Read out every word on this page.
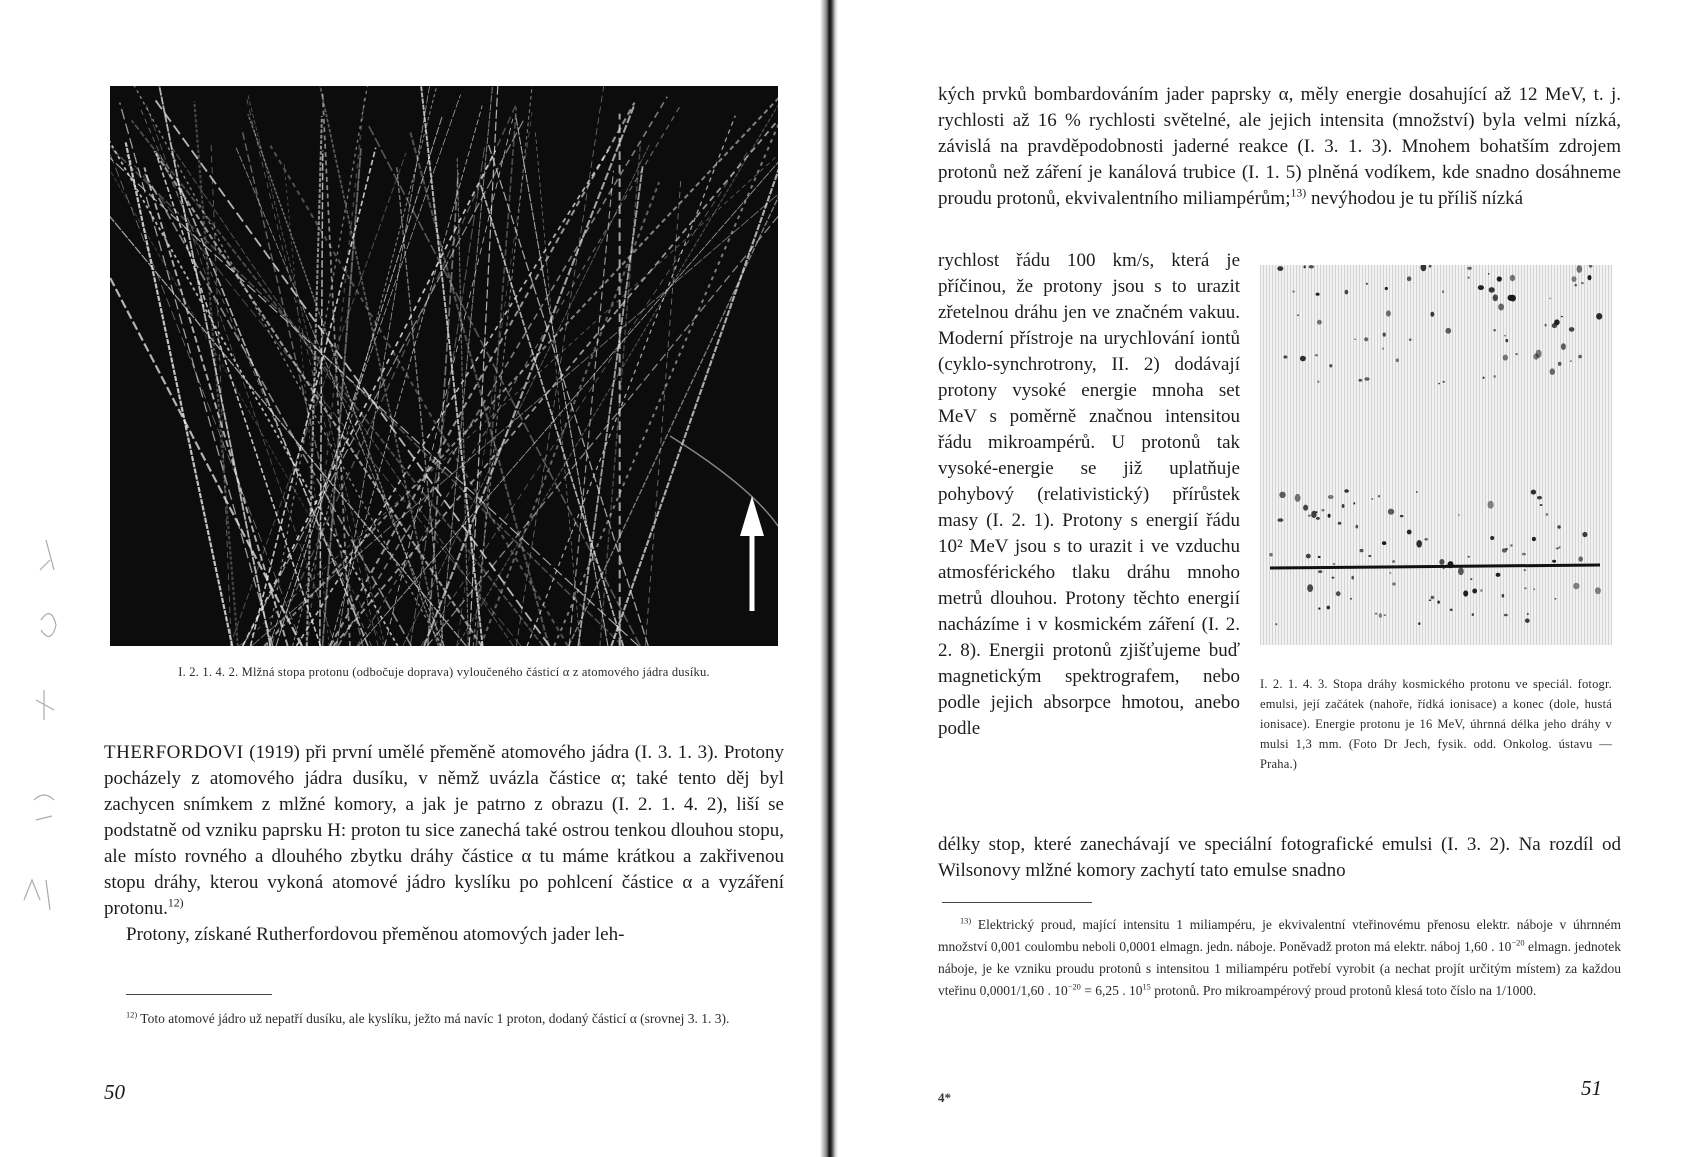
I. 2. 1. 4. 2. Mlžná stopa protonu (odbočuje doprava) vyloučeného částicí α z atomového jádra dusíku.

THERFORDOVI (1919) při první umělé přeměně atomového jádra (I. 3. 1. 3). Protony pocházely z atomového jádra dusíku, v němž uvázla částice α; také tento děj byl zachycen snímkem z mlžné komory, a jak je patrno z obrazu (I. 2. 1. 4. 2), liší se podstatně od vzniku paprsku H: proton tu sice zanechá také ostrou tenkou dlouhou stopu, ale místo rovného a dlouhého zbytku dráhy částice α tu máme krátkou a zakřivenou stopu dráhy, kterou vykoná atomové jádro kyslíku po pohlcení částice α a vyzáření protonu.$^{12)}$

Protony, získané Rutherfordovou přeměnou atomových jader leh-

$^{12)}$ Toto atomové jádro už nepatří dusíku, ale kyslíku, ježto má navíc 1 proton, dodaný částicí α (srovnej 3. 1. 3).
50

kých prvků bombardováním jader paprsky α, měly energie dosahující až 12 MeV, t. j. rychlosti až 16 % rychlosti světelné, ale jejich intensita (množství) byla velmi nízká, závislá na pravděpodobnosti jaderné reakce (I. 3. 1. 3). Mnohem bohatším zdrojem protonů než záření je kanálová trubice (I. 1. 5) plněná vodíkem, kde snadno dosáhneme proudu protonů, ekvivalentního miliampérům;$^{13)}$ nevýhodou je tu příliš nízká

rychlost řádu 100 km/s, která je příčinou, že protony jsou s to urazit zřetelnou dráhu jen ve značném vakuu. Moderní přístroje na urychlování iontů (cyklo-synchrotrony, II. 2) dodávají protony vysoké energie mnoha set MeV s poměrně značnou intensitou řádu mikroampérů. U protonů tak vysoké-energie se již uplatňuje pohybový (relativistický) přírůstek masy (I. 2. 1). Protony s energií řádu 10² MeV jsou s to urazit i ve vzduchu atmosférického tlaku dráhu mnoho metrů dlouhou. Protony těchto energií nacházíme i v kosmickém záření (I. 2. 2. 8). Energii protonů zjišťujeme buď magnetickým spektrografem, nebo podle jejich absorpce hmotou, anebo podle

I. 2. 1. 4. 3. Stopa dráhy kosmického protonu ve speciál. fotogr. emulsi, její začátek (nahoře, řídká ionisace) a konec (dole, hustá ionisace). Energie protonu je 16 MeV, úhrnná délka jeho dráhy v mulsi 1,3 mm. (Foto Dr Jech, fysik. odd. Onkolog. ústavu — Praha.)

délky stop, které zanechávají ve speciální fotografické emulsi (I. 3. 2). Na rozdíl od Wilsonovy mlžné komory zachytí tato emulse snadno

$^{13)}$ Elektrický proud, mající intensitu 1 miliampéru, je ekvivalentní vteřinovému přenosu elektr. náboje v úhrnném množství 0,001 coulombu neboli 0,0001 elmagn. jedn. náboje. Poněvadž proton má elektr. náboj 1,60 . $10^{-20}$ elmagn. jednotek náboje, je ke vzniku proudu protonů s intensitou 1 miliampéru potřebí vyrobit (a nechat projít určitým místem) za každou vteřinu 0,0001/1,60 . $10^{-20} = 6,25$ . $10^{15}$ protonů. Pro mikroampérový proud protonů klesá toto číslo na 1/1000.
4*	51
